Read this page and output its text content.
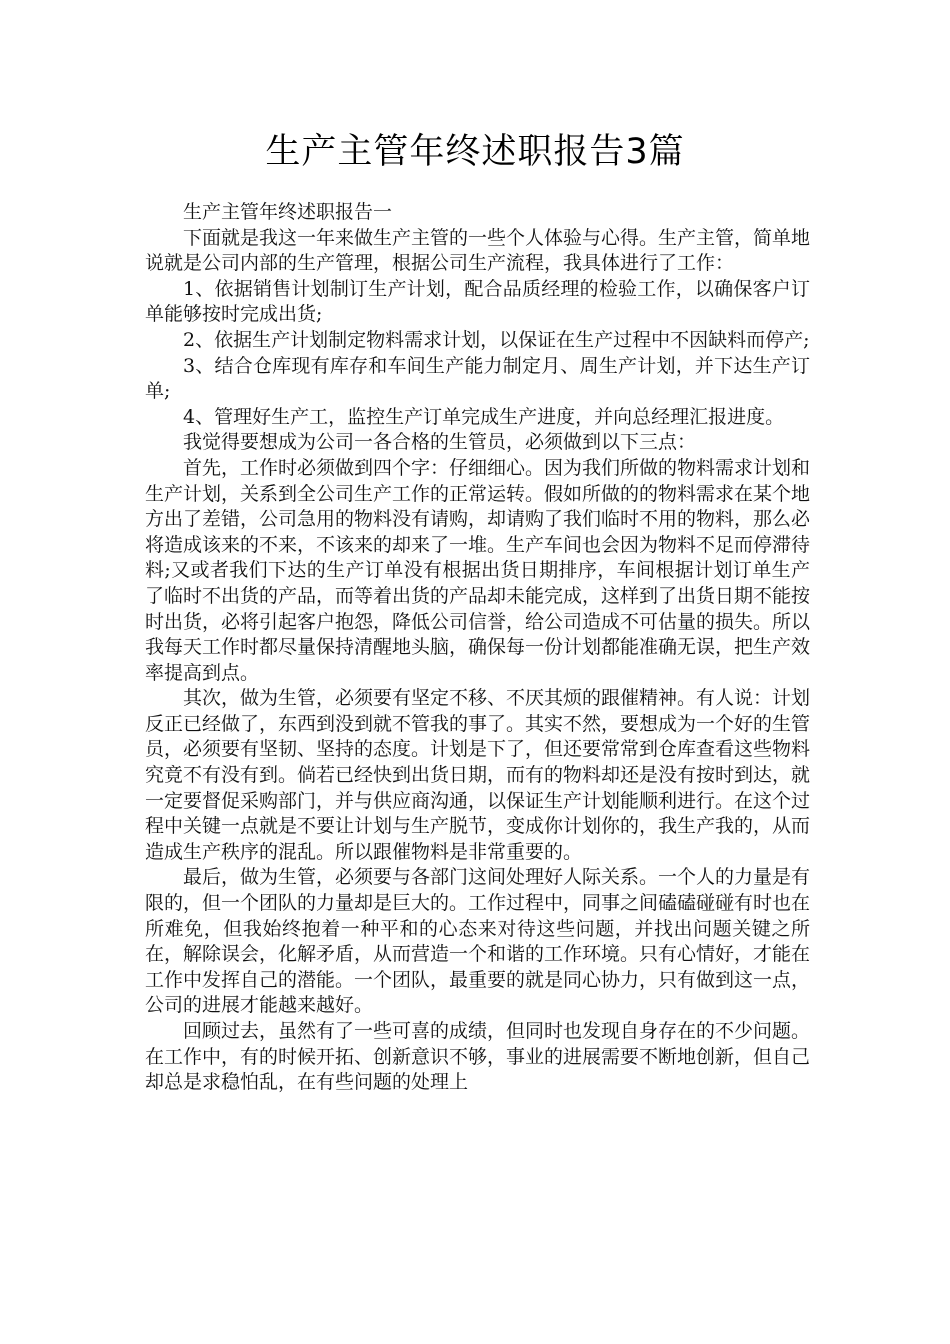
生产主管年终述职报告3篇

生产主管年终述职报告一

下面就是我这一年来做生产主管的一些个人体验与心得。生产主管，简单地说就是公司内部的生产管理，根据公司生产流程，我具体进行了工作：

1、依据销售计划制订生产计划，配合品质经理的检验工作，以确保客户订单能够按时完成出货;

2、依据生产计划制定物料需求计划，以保证在生产过程中不因缺料而停产;

3、结合仓库现有库存和车间生产能力制定月、周生产计划，并下达生产订单;

4、管理好生产工，监控生产订单完成生产进度，并向总经理汇报进度。

我觉得要想成为公司一各合格的生管员，必须做到以下三点：

首先，工作时必须做到四个字：仔细细心。因为我们所做的物料需求计划和生产计划，关系到全公司生产工作的正常运转。假如所做的的物料需求在某个地方出了差错，公司急用的物料没有请购，却请购了我们临时不用的物料，那么必将造成该来的不来，不该来的却来了一堆。生产车间也会因为物料不足而停滞待料;又或者我们下达的生产订单没有根据出货日期排序，车间根据计划订单生产了临时不出货的产品，而等着出货的产品却未能完成，这样到了出货日期不能按时出货，必将引起客户抱怨，降低公司信誉，给公司造成不可估量的损失。所以我每天工作时都尽量保持清醒地头脑，确保每一份计划都能准确无误，把生产效率提高到点。

其次，做为生管，必须要有坚定不移、不厌其烦的跟催精神。有人说：计划反正已经做了，东西到没到就不管我的事了。其实不然，要想成为一个好的生管员，必须要有坚韧、坚持的态度。计划是下了，但还要常常到仓库查看这些物料究竟不有没有到。倘若已经快到出货日期，而有的物料却还是没有按时到达，就一定要督促采购部门，并与供应商沟通，以保证生产计划能顺利进行。在这个过程中关键一点就是不要让计划与生产脱节，变成你计划你的，我生产我的，从而造成生产秩序的混乱。所以跟催物料是非常重要的。

最后，做为生管，必须要与各部门这间处理好人际关系。一个人的力量是有限的，但一个团队的力量却是巨大的。工作过程中，同事之间磕磕碰碰有时也在所难免，但我始终抱着一种平和的心态来对待这些问题，并找出问题关键之所在，解除误会，化解矛盾，从而营造一个和谐的工作环境。只有心情好，才能在工作中发挥自己的潜能。一个团队，最重要的就是同心协力，只有做到这一点，公司的进展才能越来越好。

回顾过去，虽然有了一些可喜的成绩，但同时也发现自身存在的不少问题。在工作中，有的时候开拓、创新意识不够，事业的进展需要不断地创新，但自己却总是求稳怕乱，在有些问题的处理上
